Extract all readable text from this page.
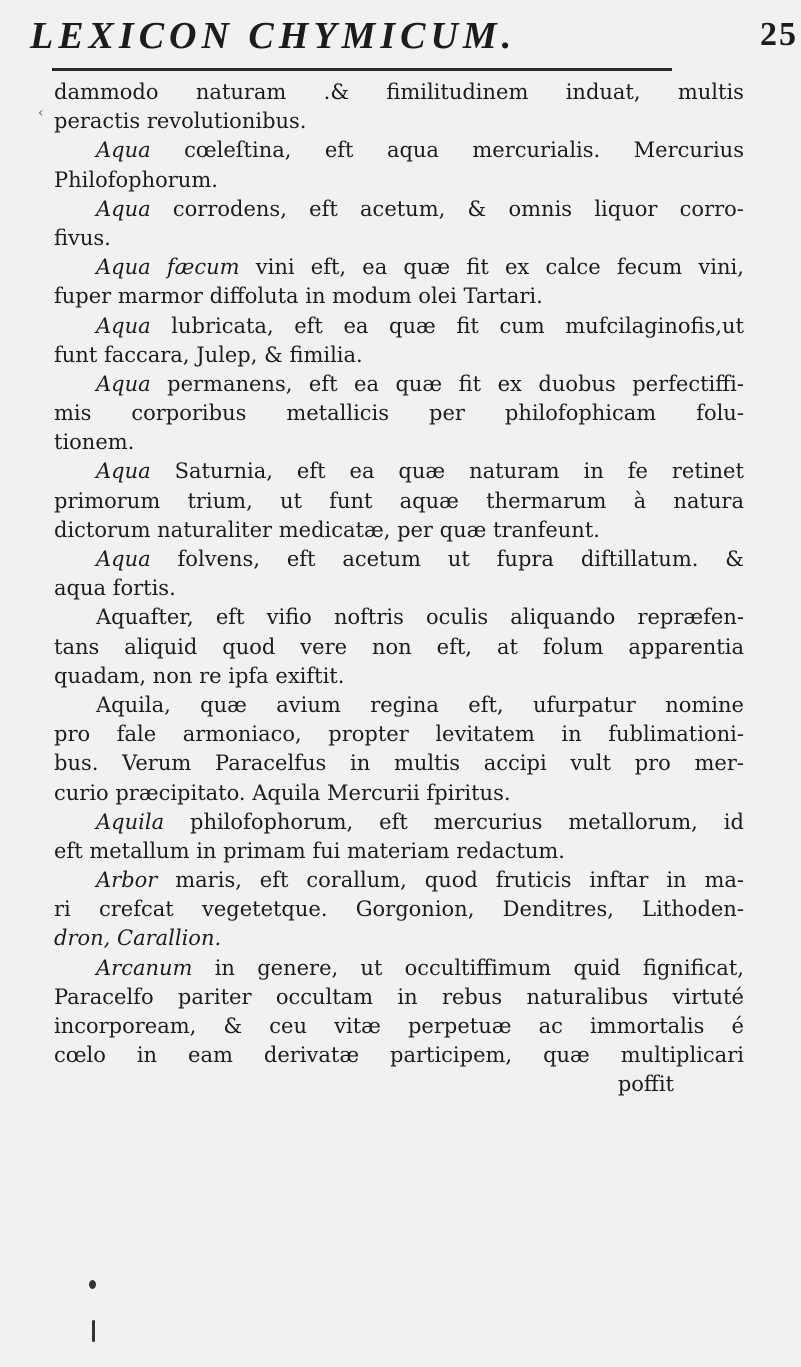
LEXICON CHYMICUM.	25
dammodo naturam .& fimilitudinem induat, multis
peractis revolutionibus.
Aqua cœleſtina, eft aqua mercurialis. Mercurius
Philofophorum.
Aqua corrodens, eft acetum, & omnis liquor corro-
fivus.
Aqua fæcum vini eft, ea quæ fit ex calce fecum vini,
fuper marmor diffoluta in modum olei Tartari.
Aqua lubricata, eft ea quæ fit cum mufcilaginofis,ut
funt faccara, Julep, & fimilia.
Aqua permanens, eft ea quæ fit ex duobus perfectiffi-
mis corporibus metallicis per philofophicam folu-
tionem.
Aqua Saturnia, eft ea quæ naturam in fe retinet
primorum trium, ut funt aquæ thermarum à natura
dictorum naturaliter medicatæ, per quæ tranfeunt.
Aqua folvens, eft acetum ut fupra diftillatum. &
aqua fortis.
Aquafter, eft vifio noftris oculis aliquando repræfen-
tans aliquid quod vere non eft, at folum apparentia
quadam, non re ipfa exiftit.
Aquila, quæ avium regina eft, ufurpatur nomine
pro fale armoniaco, propter levitatem in fublimationi-
bus. Verum Paracelfus in multis accipi vult pro mer-
curio præcipitato. Aquila Mercurii fpiritus.
Aquila philofophorum, eft mercurius metallorum, id
eft metallum in primam fui materiam redactum.
Arbor maris, eft corallum, quod fruticis inftar in ma-
ri crefcat vegetetque. Gorgonion, Denditres, Lithoden-
dron, Carallion.
Arcanum in genere, ut occultiffimum quid fignificat,
Paracelfo pariter occultam in rebus naturalibus virtuté
incorpoream, & ceu vitæ perpetuæ ac immortalis é
cœlo in eam derivatæ participem, quæ multiplicari
poffit
‹
